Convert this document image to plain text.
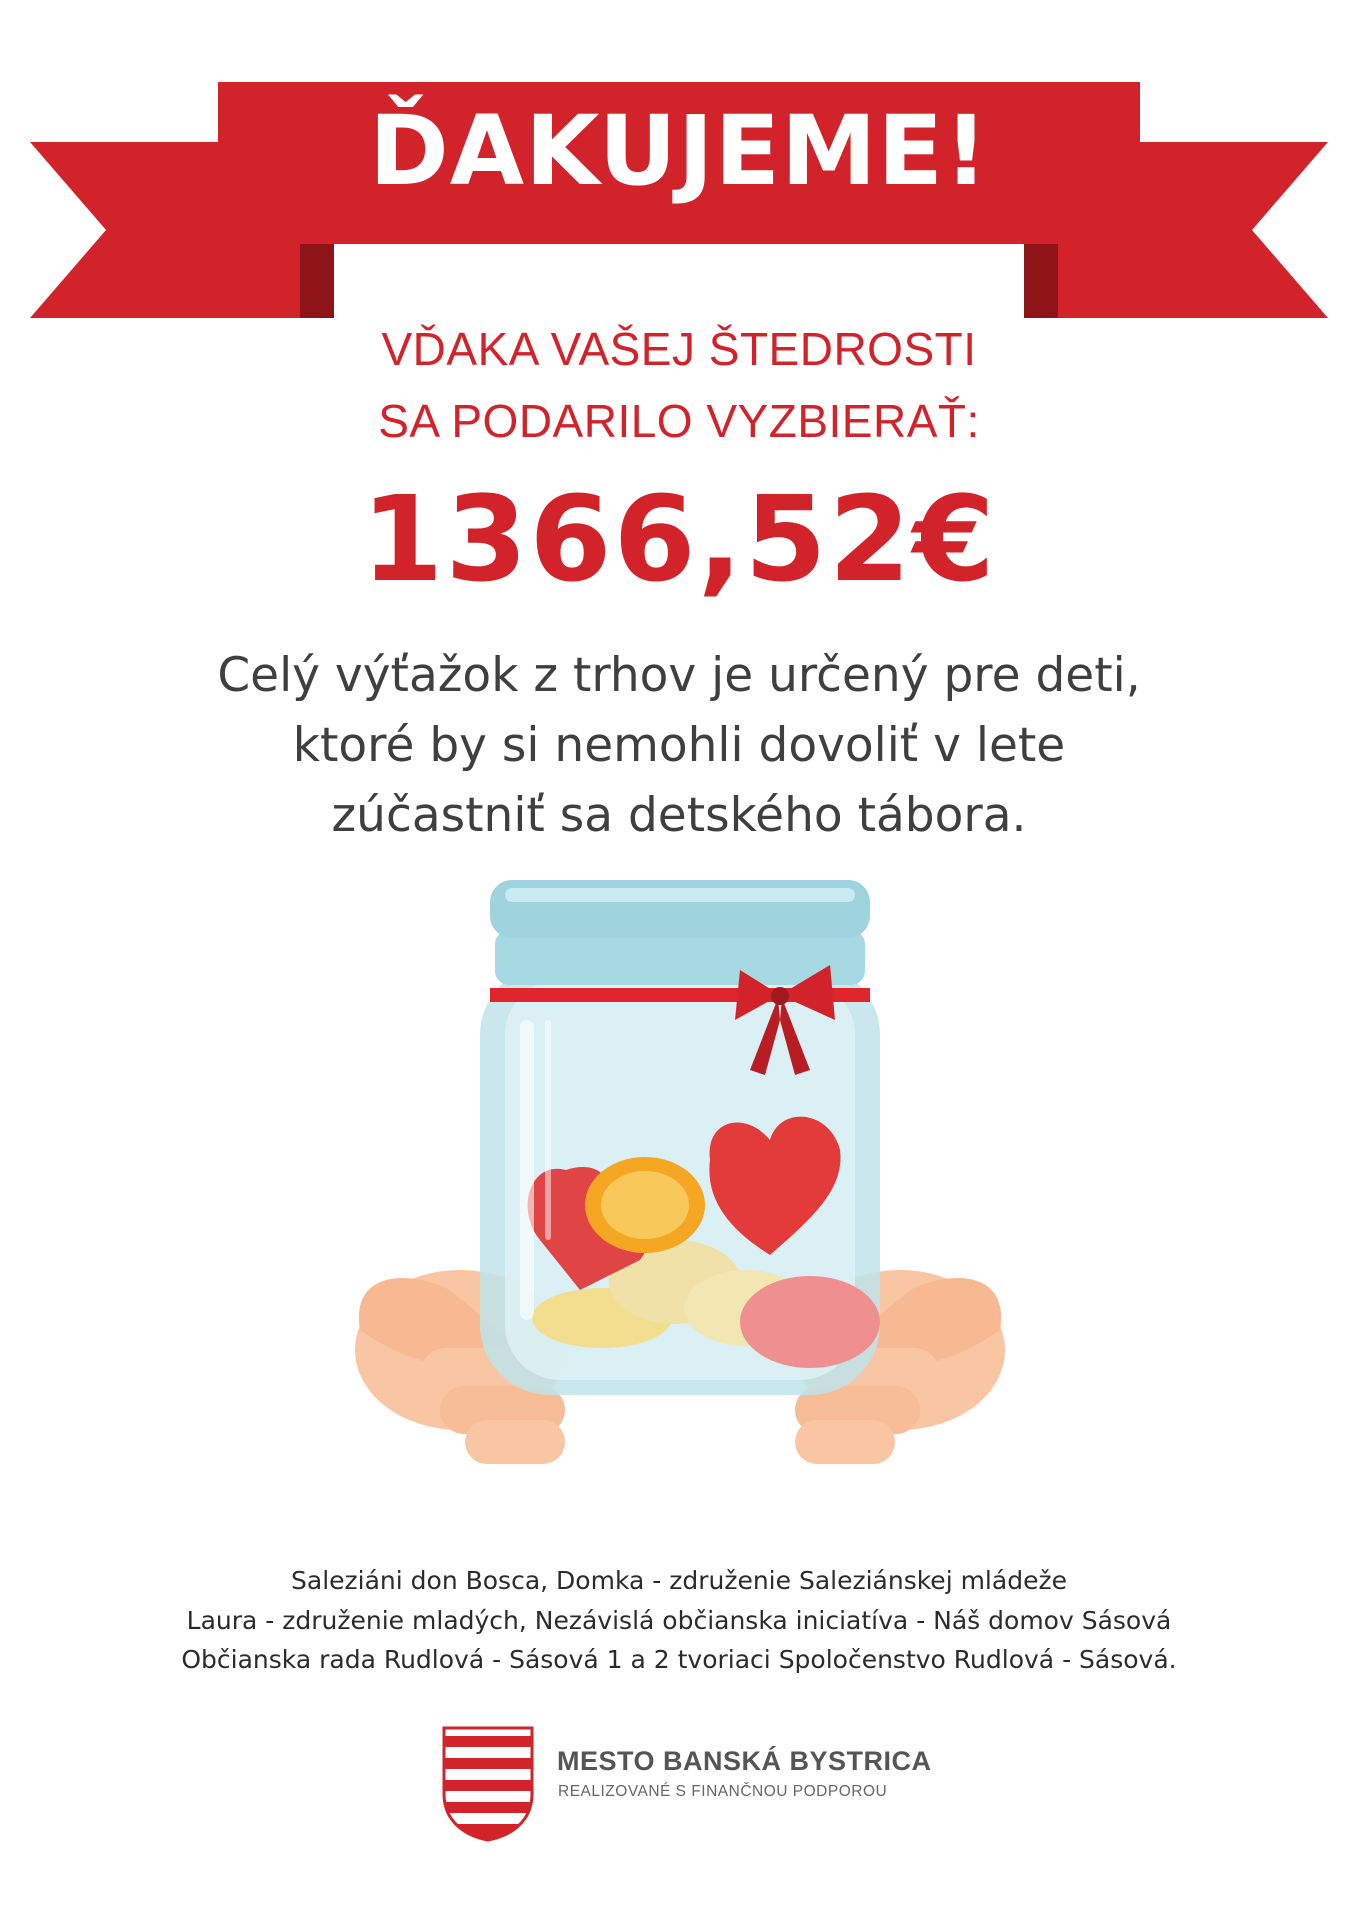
ĎAKUJEME!
VĎAKA VAŠEJ ŠTEDROSTI
SA PODARILO VYZBIERAŤ:
1366,52€
Celý výťažok z trhov je určený pre deti,
ktoré by si nemohli dovoliť v lete
zúčastniť sa detského tábora.
Saleziáni don Bosca, Domka - združenie Saleziánskej mládeže
Laura - združenie mladých, Nezávislá občianska iniciatíva - Náš domov Sásová
Občianska rada Rudlová - Sásová 1 a 2 tvoriaci Spoločenstvo Rudlová - Sásová.
MESTO BANSKÁ BYSTRICA
REALIZOVANÉ S FINANČNOU PODPOROU
